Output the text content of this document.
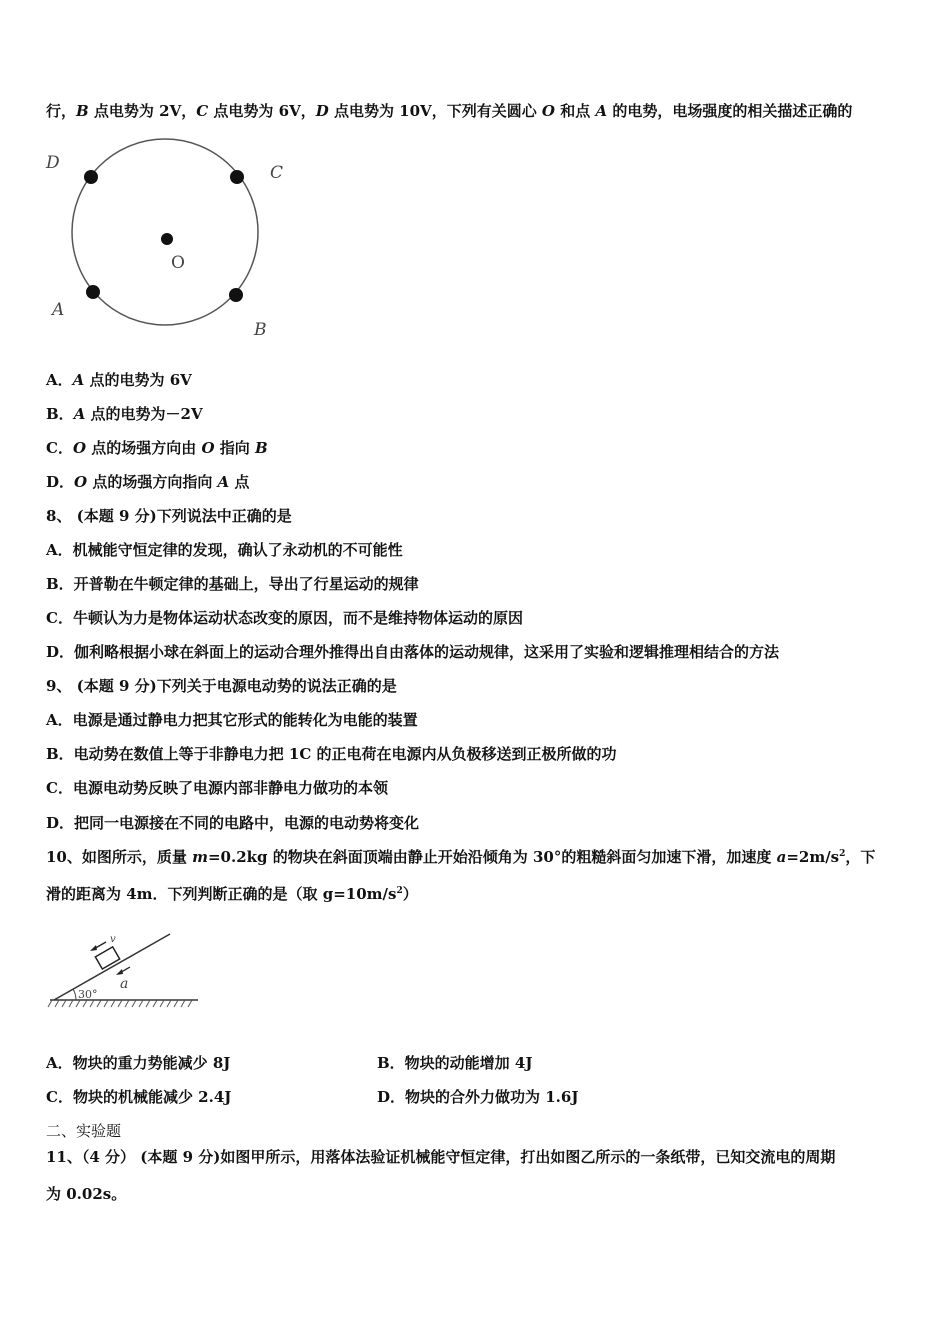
行，B 点电势为 2V，C 点电势为 6V，D 点电势为 10V，下列有关圆心 O 和点 A 的电势，电场强度的相关描述正确的
D	C
O
A
B
A．A 点的电势为 6V
B．A 点的电势为－2V
C．O 点的场强方向由 O 指向 B
D．O 点的场强方向指向 A 点
8、 (本题 9 分)下列说法中正确的是
A．机械能守恒定律的发现，确认了永动机的不可能性
B．开普勒在牛顿定律的基础上，导出了行星运动的规律
C．牛顿认为力是物体运动状态改变的原因，而不是维持物体运动的原因
D．伽利略根据小球在斜面上的运动合理外推得出自由落体的运动规律，这采用了实验和逻辑推理相结合的方法
9、 (本题 9 分)下列关于电源电动势的说法正确的是
A．电源是通过静电力把其它形式的能转化为电能的装置
B．电动势在数值上等于非静电力把 1C 的正电荷在电源内从负极移送到正极所做的功
C．电源电动势反映了电源内部非静电力做功的本领
D．把同一电源接在不同的电路中，电源的电动势将变化
10、如图所示，质量 m=0.2kg 的物块在斜面顶端由静止开始沿倾角为 30°的粗糙斜面匀加速下滑，加速度 $a=2m/s^2$，下
滑的距离为 4m．下列判断正确的是（取 $g=10m/s^2$）
30°
v
a
A．物块的重力势能减少 8J	B．物块的动能增加 4J
C．物块的机械能减少 2.4J	D．物块的合外力做功为 1.6J
二、实验题
11、（4 分） (本题 9 分)如图甲所示，用落体法验证机械能守恒定律，打出如图乙所示的一条纸带，已知交流电的周期
为 0.02s。
